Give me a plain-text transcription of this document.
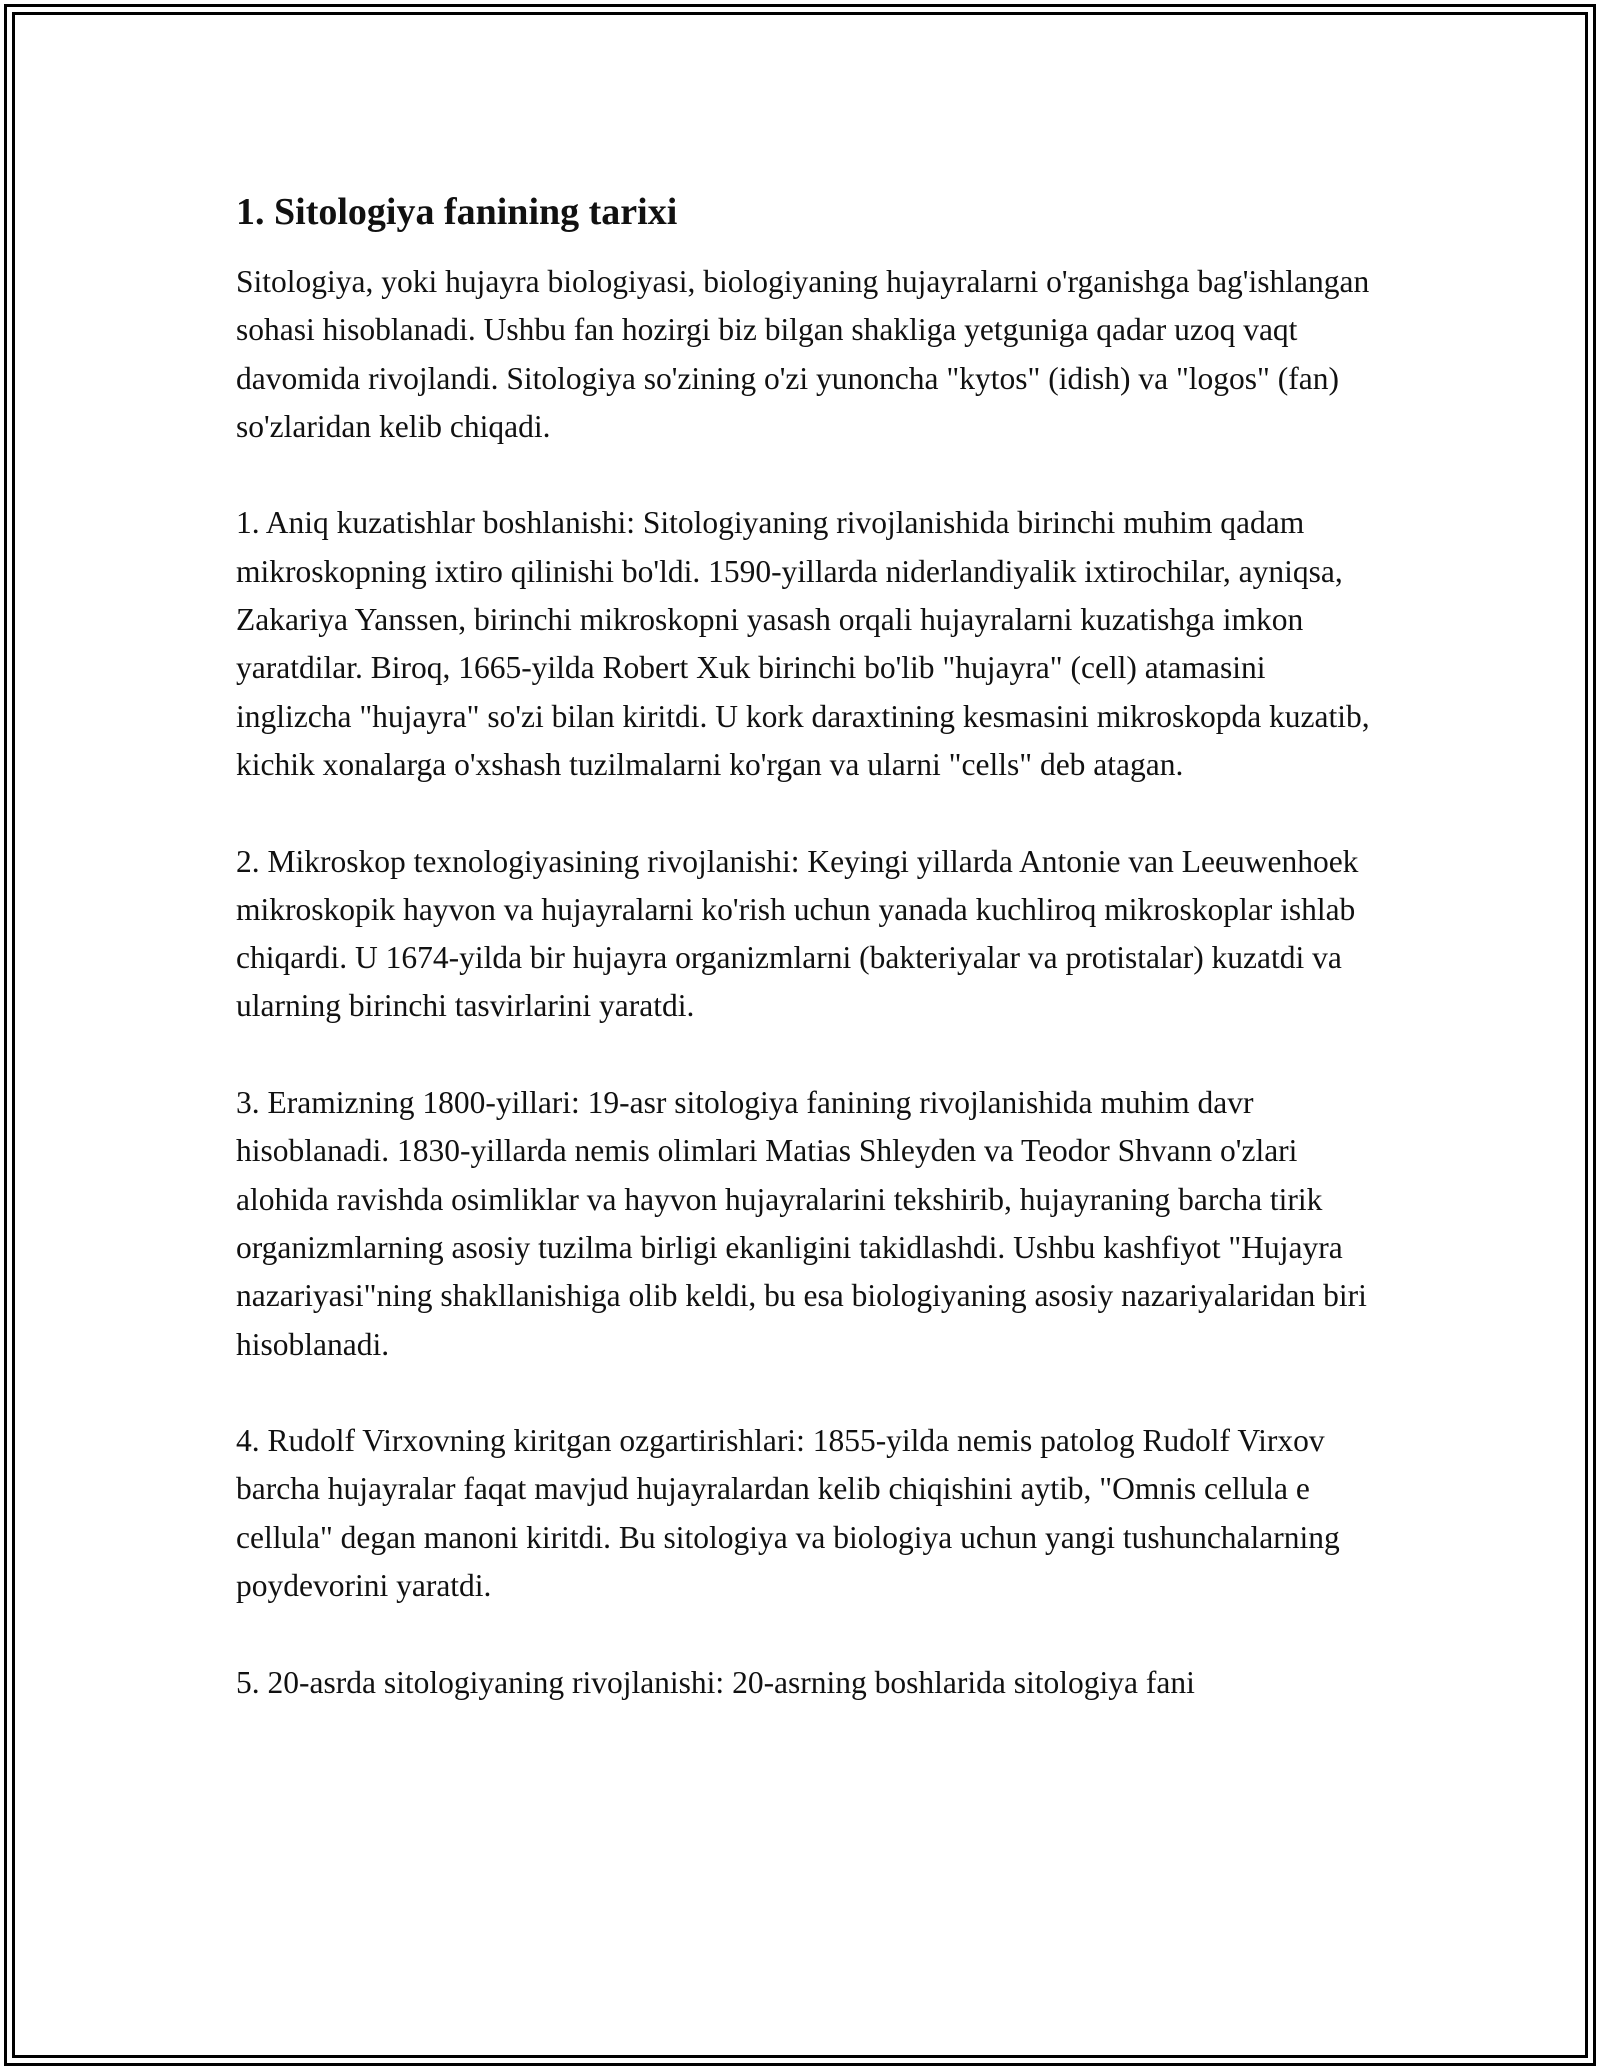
1. Sitologiya fanining tarixi

Sitologiya, yoki hujayra biologiyasi, biologiyaning hujayralarni o'rganishga bag'ishlangan sohasi hisoblanadi. Ushbu fan hozirgi biz bilgan shakliga yetguniga qadar uzoq vaqt davomida rivojlandi. Sitologiya so'zining o'zi yunoncha "kytos" (idish) va "logos" (fan) so'zlaridan kelib chiqadi.

1. Aniq kuzatishlar boshlanishi: Sitologiyaning rivojlanishida birinchi muhim qadam mikroskopning ixtiro qilinishi bo'ldi. 1590-yillarda niderlandiyalik ixtirochilar, ayniqsa, Zakariya Yanssen, birinchi mikroskopni yasash orqali hujayralarni kuzatishga imkon yaratdilar. Biroq, 1665-yilda Robert Xuk birinchi bo'lib "hujayra" (cell) atamasini inglizcha "hujayra" so'zi bilan kiritdi. U kork daraxtining kesmasini mikroskopda kuzatib, kichik xonalarga o'xshash tuzilmalarni ko'rgan va ularni "cells" deb atagan.

2. Mikroskop texnologiyasining rivojlanishi: Keyingi yillarda Antonie van Leeuwenhoek mikroskopik hayvon va hujayralarni ko'rish uchun yanada kuchliroq mikroskoplar ishlab chiqardi. U 1674-yilda bir hujayra organizmlarni (bakteriyalar va protistalar) kuzatdi va ularning birinchi tasvirlarini yaratdi.

3. Eramizning 1800-yillari: 19-asr sitologiya fanining rivojlanishida muhim davr hisoblanadi. 1830-yillarda nemis olimlari Matias Shleyden va Teodor Shvann o'zlari alohida ravishda osimliklar va hayvon hujayralarini tekshirib, hujayraning barcha tirik organizmlarning asosiy tuzilma birligi ekanligini takidlashdi. Ushbu kashfiyot "Hujayra nazariyasi"ning shakllanishiga olib keldi, bu esa biologiyaning asosiy nazariyalaridan biri hisoblanadi.

4. Rudolf Virxovning kiritgan ozgartirishlari: 1855-yilda nemis patolog Rudolf Virxov barcha hujayralar faqat mavjud hujayralardan kelib chiqishini aytib, "Omnis cellula e cellula" degan manoni kiritdi. Bu sitologiya va biologiya uchun yangi tushunchalarning poydevorini yaratdi.

5. 20-asrda sitologiyaning rivojlanishi: 20-asrning boshlarida sitologiya fani
